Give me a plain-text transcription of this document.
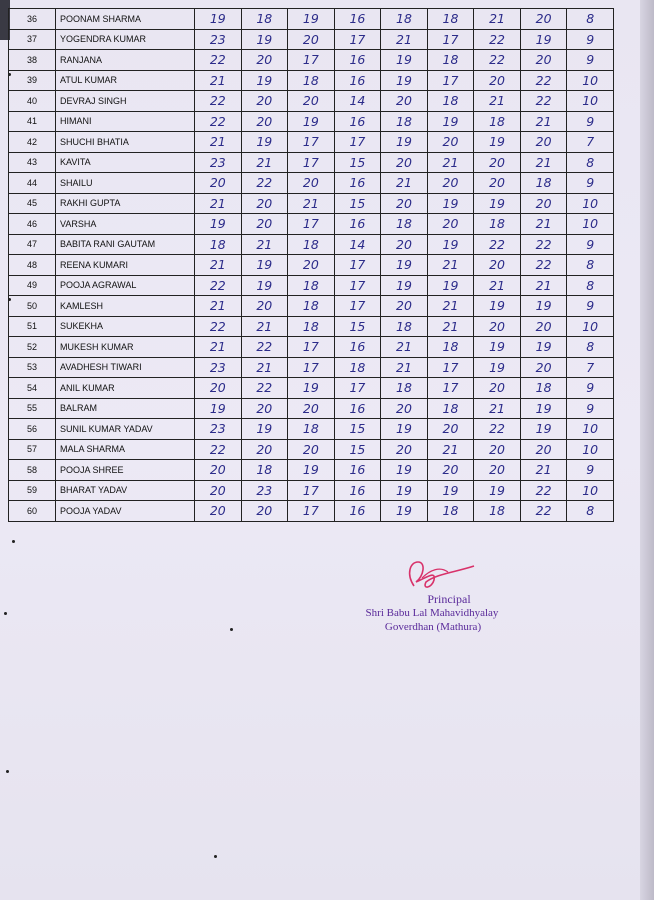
36	POONAM SHARMA	19	18	19	16	18	18	21	20	8
37	YOGENDRA KUMAR	23	19	20	17	21	17	22	19	9
38	RANJANA	22	20	17	16	19	18	22	20	9
39	ATUL KUMAR	21	19	18	16	19	17	20	22	10
40	DEVRAJ SINGH	22	20	20	14	20	18	21	22	10
41	HIMANI	22	20	19	16	18	19	18	21	9
42	SHUCHI BHATIA	21	19	17	17	19	20	19	20	7
43	KAVITA	23	21	17	15	20	21	20	21	8
44	SHAILU	20	22	20	16	21	20	20	18	9
45	RAKHI GUPTA	21	20	21	15	20	19	19	20	10
46	VARSHA	19	20	17	16	18	20	18	21	10
47	BABITA RANI GAUTAM	18	21	18	14	20	19	22	22	9
48	REENA KUMARI	21	19	20	17	19	21	20	22	8
49	POOJA AGRAWAL	22	19	18	17	19	19	21	21	8
50	KAMLESH	21	20	18	17	20	21	19	19	9
51	SUKEKHA	22	21	18	15	18	21	20	20	10
52	MUKESH KUMAR	21	22	17	16	21	18	19	19	8
53	AVADHESH TIWARI	23	21	17	18	21	17	19	20	7
54	ANIL KUMAR	20	22	19	17	18	17	20	18	9
55	BALRAM	19	20	20	16	20	18	21	19	9
56	SUNIL KUMAR YADAV	23	19	18	15	19	20	22	19	10
57	MALA SHARMA	22	20	20	15	20	21	20	20	10
58	POOJA SHREE	20	18	19	16	19	20	20	21	9
59	BHARAT YADAV	20	23	17	16	19	19	19	22	10
60	POOJA YADAV	20	20	17	16	19	18	18	22	8
Principal
Shri Babu Lal Mahavidhyalay
Goverdhan (Mathura)
